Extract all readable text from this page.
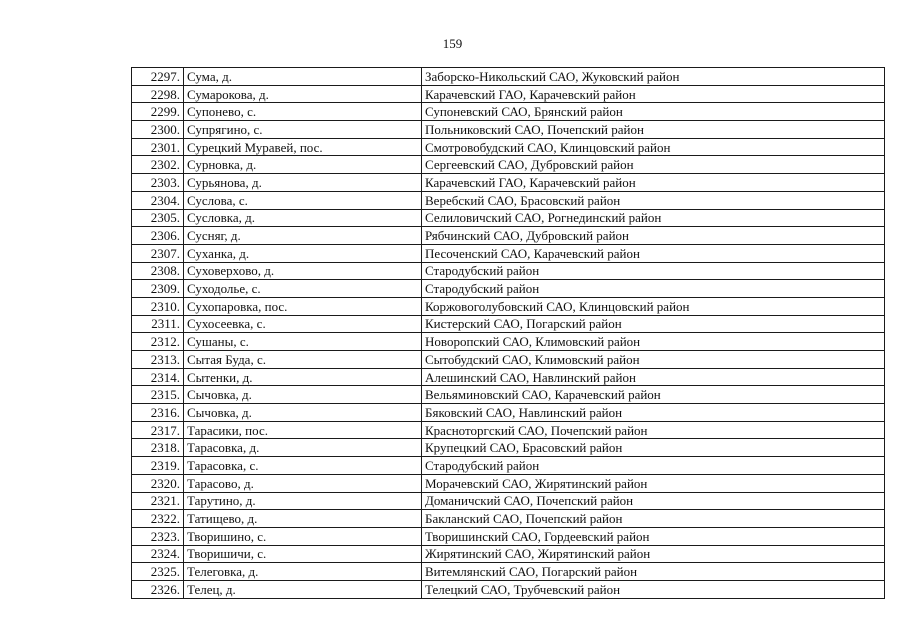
159
2297.	Сума, д.	Заборско-Никольский САО, Жуковский район
2298.	Сумарокова, д.	Карачевский ГАО, Карачевский район
2299.	Супонево, с.	Супоневский САО, Брянский район
2300.	Супрягино, с.	Польниковский САО, Почепский район
2301.	Сурецкий Муравей, пос.	Смотровобудский САО, Клинцовский район
2302.	Сурновка, д.	Сергеевский САО, Дубровский район
2303.	Сурьянова, д.	Карачевский ГАО, Карачевский район
2304.	Суслова, с.	Веребский САО, Брасовский район
2305.	Сусловка, д.	Селиловичский САО, Рогнединский район
2306.	Сусняг, д.	Рябчинский САО, Дубровский район
2307.	Суханка, д.	Песоченский САО, Карачевский район
2308.	Суховерхово, д.	Стародубский район
2309.	Суходолье, с.	Стародубский район
2310.	Сухопаровка, пос.	Коржовоголубовский САО, Клинцовский район
2311.	Сухосеевка, с.	Кистерский САО, Погарский район
2312.	Сушаны, с.	Новоропский САО, Климовский район
2313.	Сытая Буда, с.	Сытобудский САО, Климовский район
2314.	Сытенки, д.	Алешинский САО, Навлинский район
2315.	Сычовка, д.	Вельяминовский САО, Карачевский район
2316.	Сычовка, д.	Бяковский САО, Навлинский район
2317.	Тарасики, пос.	Красноторгский САО, Почепский район
2318.	Тарасовка, д.	Крупецкий САО, Брасовский район
2319.	Тарасовка, с.	Стародубский район
2320.	Тарасово, д.	Морачевский САО, Жирятинский район
2321.	Тарутино, д.	Доманичский САО, Почепский район
2322.	Татищево, д.	Бакланский САО, Почепский район
2323.	Творишино, с.	Творишинский САО, Гордеевский район
2324.	Творишичи, с.	Жирятинский САО, Жирятинский район
2325.	Телеговка, д.	Витемлянский САО, Погарский район
2326.	Телец, д.	Телецкий САО, Трубчевский район
